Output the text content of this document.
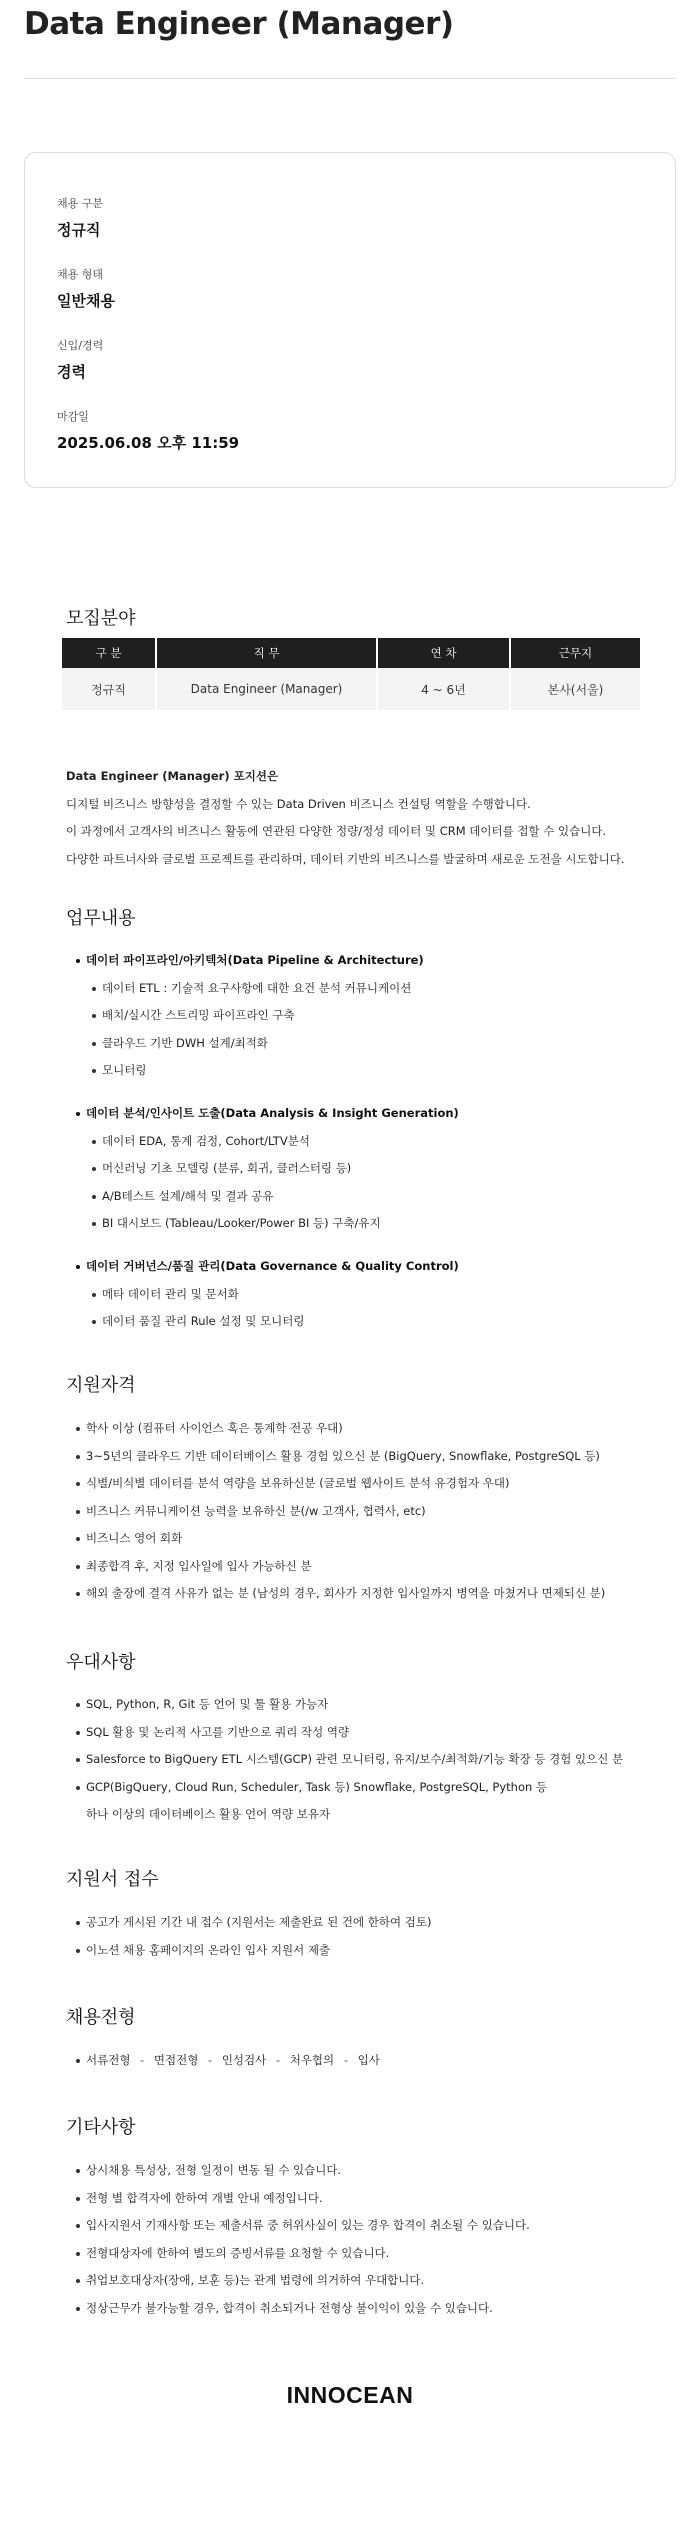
Data Engineer (Manager)
채용 구분
정규직
채용 형태
일반채용
신입/경력
경력
마감일
2025.06.08 오후 11:59
모집분야
구 분	직 무	연 차	근무지
정규직	Data Engineer (Manager)	4 ~ 6년	본사(서울)

Data Engineer (Manager) 포지션은

디지털 비즈니스 방향성을 결정할 수 있는 Data Driven 비즈니스 컨설팅 역할을 수행합니다.

이 과정에서 고객사의 비즈니스 활동에 연관된 다양한 정량/정성 데이터 및 CRM 데이터를 접할 수 있습니다.

다양한 파트너사와 글로벌 프로젝트를 관리하며, 데이터 기반의 비즈니스를 발굴하며 새로운 도전을 시도합니다.

업무내용
데이터 파이프라인/아키텍처(Data Pipeline & Architecture)
데이터 ETL : 기술적 요구사항에 대한 요건 분석 커뮤니케이션
배치/실시간 스트리밍 파이프라인 구축
클라우드 기반 DWH 설계/최적화
모니터링
데이터 분석/인사이트 도출(Data Analysis & Insight Generation)
데이터 EDA, 통계 검정, Cohort/LTV분석
머신러닝 기초 모델링 (분류, 회귀, 클러스터링 등)
A/B테스트 설계/해석 및 결과 공유
BI 대시보드 (Tableau/Looker/Power BI 등) 구축/유지
데이터 거버넌스/품질 관리(Data Governance & Quality Control)
메타 데이터 관리 및 문서화
데이터 품질 관리 Rule 설정 및 모니터링
지원자격
학사 이상 (컴퓨터 사이언스 혹은 통계학 전공 우대)
3~5년의 클라우드 기반 데이터베이스 활용 경험 있으신 분 (BigQuery, Snowflake, PostgreSQL 등)
식별/비식별 데이터를 분석 역량을 보유하신분 (글로벌 웹사이트 분석 유경험자 우대)
비즈니스 커뮤니케이션 능력을 보유하신 분(/w 고객사, 협력사, etc)
비즈니스 영어 회화
최종합격 후, 지정 입사일에 입사 가능하신 분
해외 출장에 결격 사유가 없는 분 (남성의 경우, 회사가 지정한 입사일까지 병역을 마쳤거나 면제되신 분)
우대사항
SQL, Python, R, Git 등 언어 및 툴 활용 가능자
SQL 활용 및 논리적 사고를 기반으로 쿼리 작성 역량
Salesforce to BigQuery ETL 시스템(GCP) 관련 모니터링, 유지/보수/최적화/기능 확장 등 경험 있으신 분
GCP(BigQuery, Cloud Run, Scheduler, Task 등) Snowflake, PostgreSQL, Python 등
하나 이상의 데이터베이스 활용 언어 역량 보유자
지원서 접수
공고가 게시된 기간 내 접수 (지원서는 제출완료 된 건에 한하여 검토)
이노션 채용 홈페이지의 온라인 입사 지원서 제출
채용전형
서류전형 - 면접전형 - 인성검사 - 처우협의 - 입사
기타사항
상시채용 특성상, 전형 일정이 변동 될 수 있습니다.
전형 별 합격자에 한하여 개별 안내 예정입니다.
입사지원서 기재사항 또는 제출서류 중 허위사실이 있는 경우 합격이 취소될 수 있습니다.
전형대상자에 한하여 별도의 증빙서류를 요청할 수 있습니다.
취업보호대상자(장애, 보훈 등)는 관계 법령에 의거하여 우대합니다.
정상근무가 불가능할 경우, 합격이 취소되거나 전형상 불이익이 있을 수 있습니다.
INNOCEAN
